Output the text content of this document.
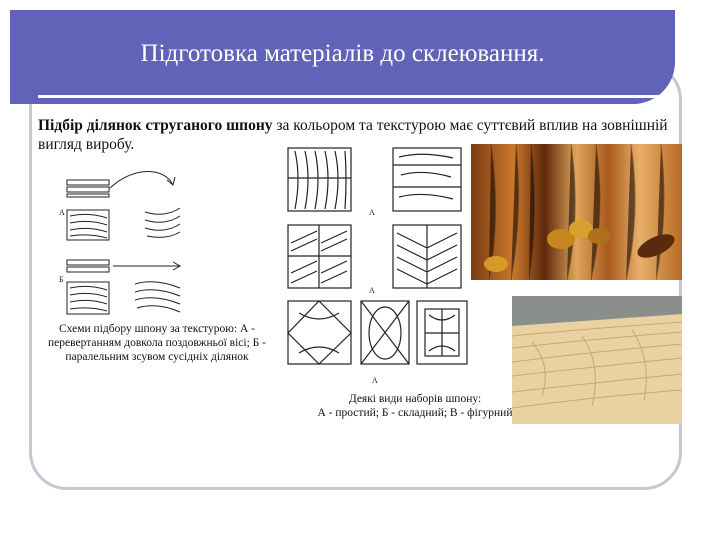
Підготовка матеріалів до склеювання.
Підбір ділянок струганого шпону за кольором та текстурою має суттєвий вплив на зовнішній вигляд виробу.
А
Б
Схеми підбору шпону за текстурою: А - перевертанням довкола поздовжньої вісі; Б - паралельним зсувом сусідніх ділянок
А
А
А
Деякі види наборів шпону:
А - простий; Б - складний; В - фігурний
